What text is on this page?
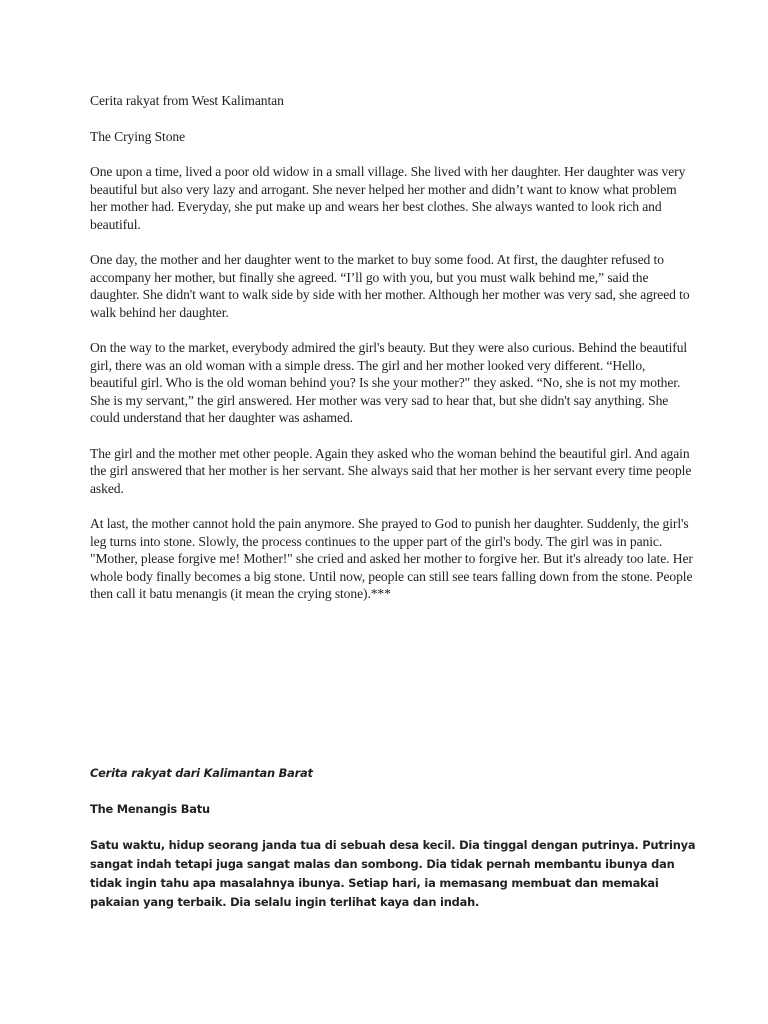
Cerita rakyat from West Kalimantan

The Crying Stone

One upon a time, lived a poor old widow in a small village. She lived with her daughter. Her daughter was very beautiful but also very lazy and arrogant. She never helped her mother and didn’t want to know what problem her mother had. Everyday, she put make up and wears her best clothes. She always wanted to look rich and beautiful.

One day, the mother and her daughter went to the market to buy some food. At first, the daughter refused to accompany her mother, but finally she agreed. “I’ll go with you, but you must walk behind me,” said the daughter. She didn't want to walk side by side with her mother. Although her mother was very sad, she agreed to walk behind her daughter.

On the way to the market, everybody admired the girl's beauty. But they were also curious. Behind the beautiful girl, there was an old woman with a simple dress. The girl and her mother looked very different. “Hello, beautiful girl. Who is the old woman behind you? Is she your mother?" they asked. “No, she is not my mother. She is my servant,” the girl answered. Her mother was very sad to hear that, but she didn't say anything. She could understand that her daughter was ashamed.

The girl and the mother met other people. Again they asked who the woman behind the beautiful girl. And again the girl answered that her mother is her servant. She always said that her mother is her servant every time people asked.

At last, the mother cannot hold the pain anymore. She prayed to God to punish her daughter. Suddenly, the girl's leg turns into stone. Slowly, the process continues to the upper part of the girl's body. The girl was in panic. "Mother, please forgive me! Mother!" she cried and asked her mother to forgive her. But it's already too late. Her whole body finally becomes a big stone. Until now, people can still see tears falling down from the stone. People then call it batu menangis (it mean the crying stone).***

Cerita rakyat dari Kalimantan Barat

The Menangis Batu

Satu waktu, hidup seorang janda tua di sebuah desa kecil. Dia tinggal dengan putrinya. Putrinya sangat indah tetapi juga sangat malas dan sombong. Dia tidak pernah membantu ibunya dan tidak ingin tahu apa masalahnya ibunya. Setiap hari, ia memasang membuat dan memakai pakaian yang terbaik. Dia selalu ingin terlihat kaya dan indah.
